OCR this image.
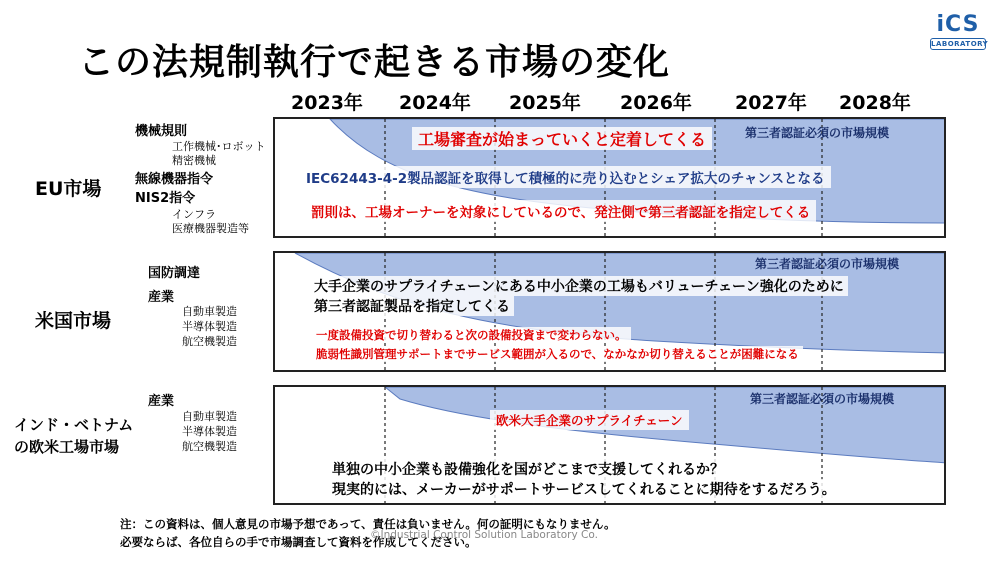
この法規制執行で起きる市場の変化
iCS
LABORATORY
2023年	2024年	2025年	2026年	2027年	2028年
EU市場
機械規則
工作機械･ロボット
精密機械
無線機器指令
NIS2指令
インフラ
医療機器製造等
第三者認証必須の市場規模
工場審査が始まっていくと定着してくる
IEC62443-4-2製品認証を取得して積極的に売り込むとシェア拡大のチャンスとなる
罰則は、工場オーナーを対象にしているので、発注側で第三者認証を指定してくる
米国市場
国防調達
産業
自動車製造
半導体製造
航空機製造
第三者認証必須の市場規模
大手企業のサプライチェーンにある中小企業の工場もバリューチェーン強化のために
第三者認証製品を指定してくる
一度設備投資で切り替わると次の設備投資まで変わらない。
脆弱性識別管理サポートまでサービス範囲が入るので、なかなか切り替えることが困難になる
産業
自動車製造
半導体製造
航空機製造
インド・ベトナム
の欧米工場市場
第三者認証必須の市場規模
欧米大手企業のサプライチェーン
単独の中小企業も設備強化を国がどこまで支援してくれるか？
現実的には、メーカーがサポートサービスしてくれることに期待をするだろう。
注：この資料は、個人意見の市場予想であって、責任は負いません。何の証明にもなりません。
必要ならば、各位自らの手で市場調査して資料を作成してください。
©Industrial Control Solution Laboratory Co.
